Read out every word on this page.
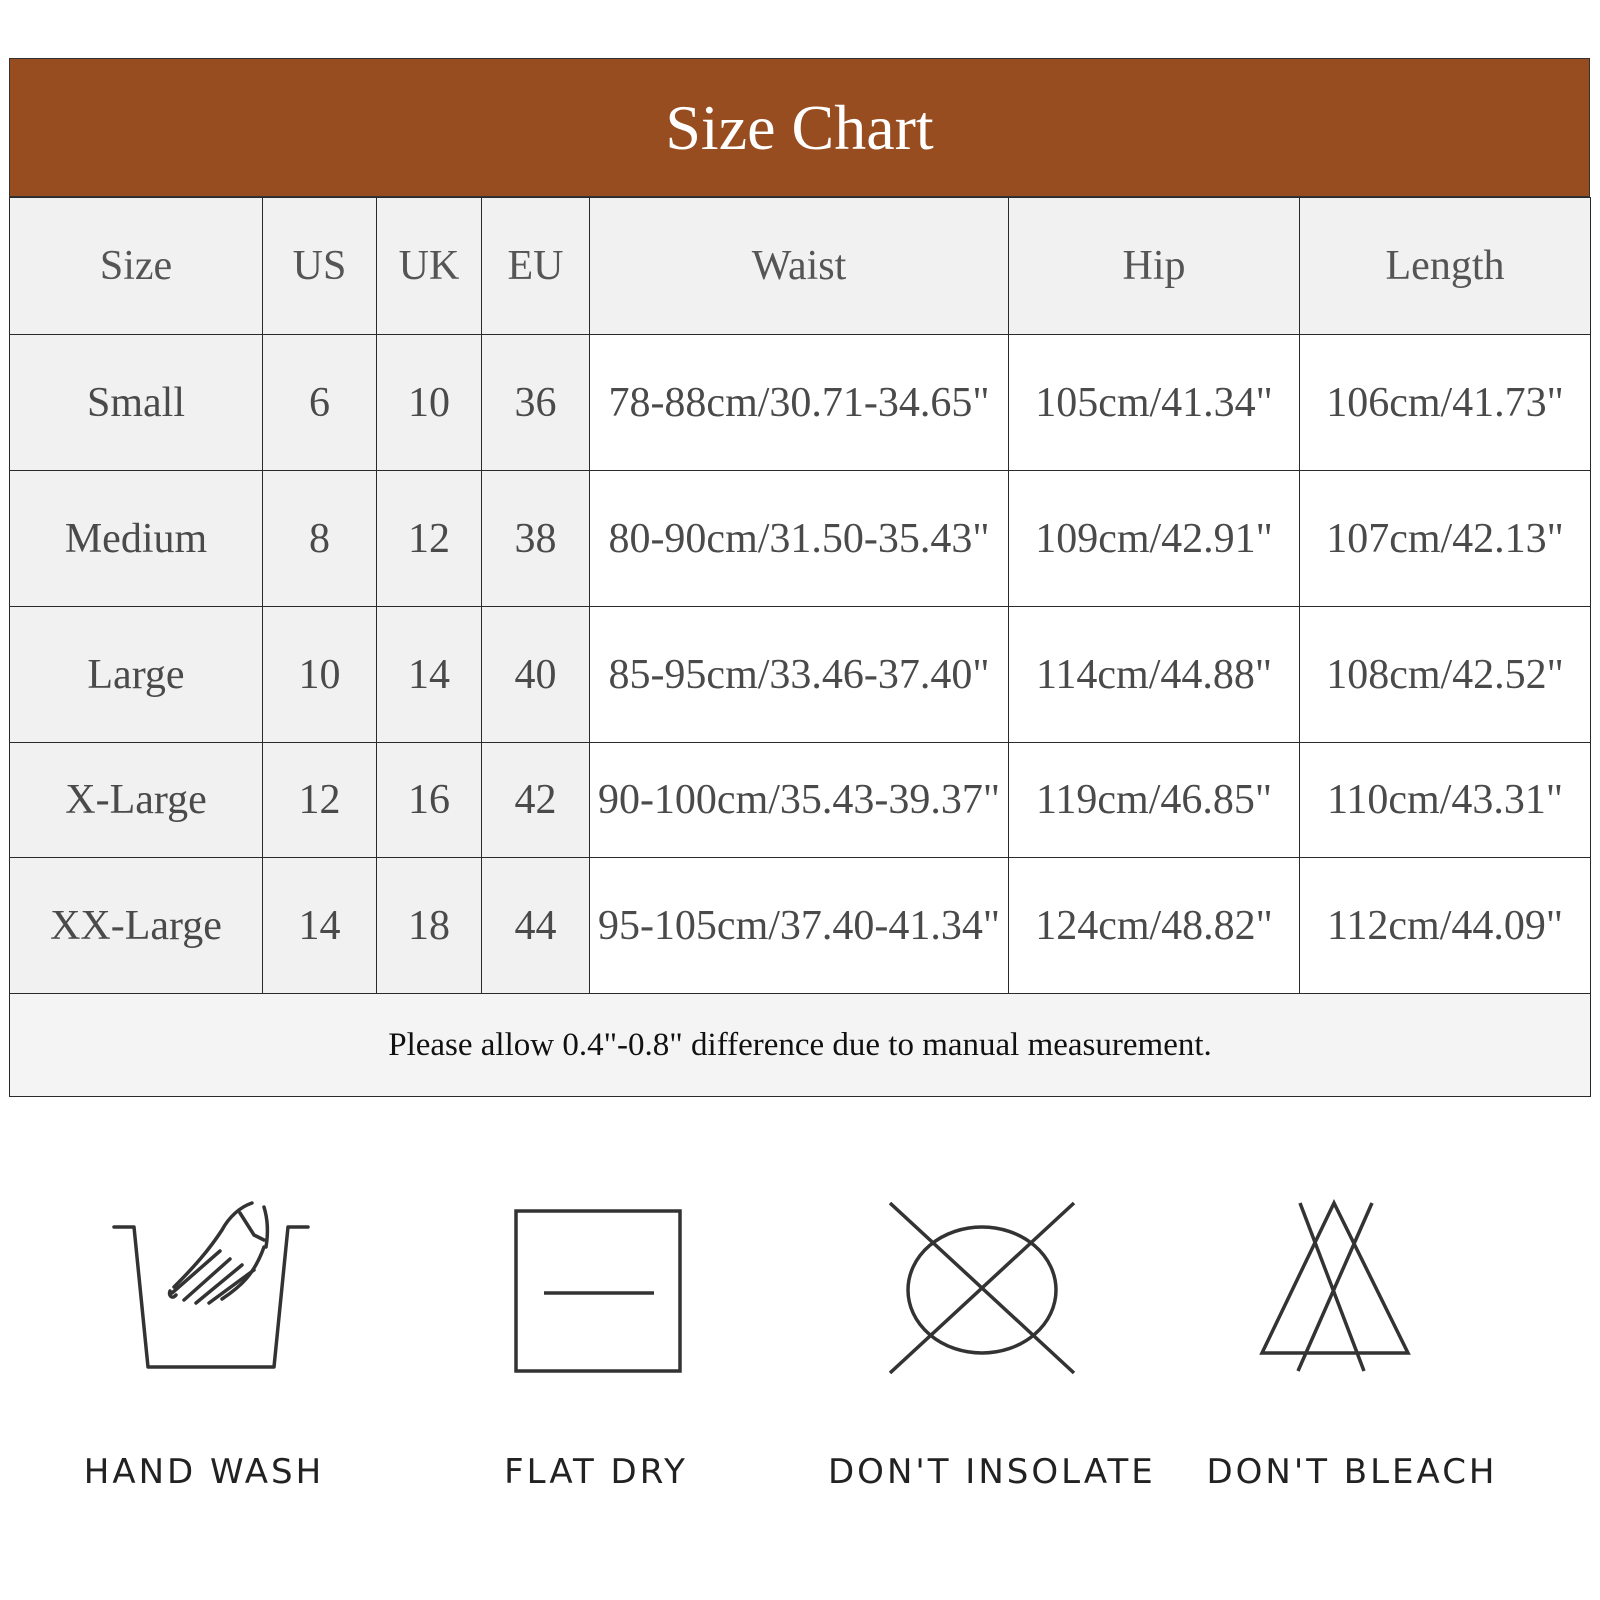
Size Chart
Size	US	UK	EU	Waist	Hip	Length
Small	6	10	36	78-88cm/30.71-34.65"	105cm/41.34"	106cm/41.73"
Medium	8	12	38	80-90cm/31.50-35.43"	109cm/42.91"	107cm/42.13"
Large	10	14	40	85-95cm/33.46-37.40"	114cm/44.88"	108cm/42.52"
X-Large	12	16	42	90-100cm/35.43-39.37"	119cm/46.85"	110cm/43.31"
XX-Large	14	18	44	95-105cm/37.40-41.34"	124cm/48.82"	112cm/44.09"
Please allow 0.4"-0.8" difference due to manual measurement.						
HAND WASH	FLAT DRY	DON'T INSOLATE	DON'T BLEACH
